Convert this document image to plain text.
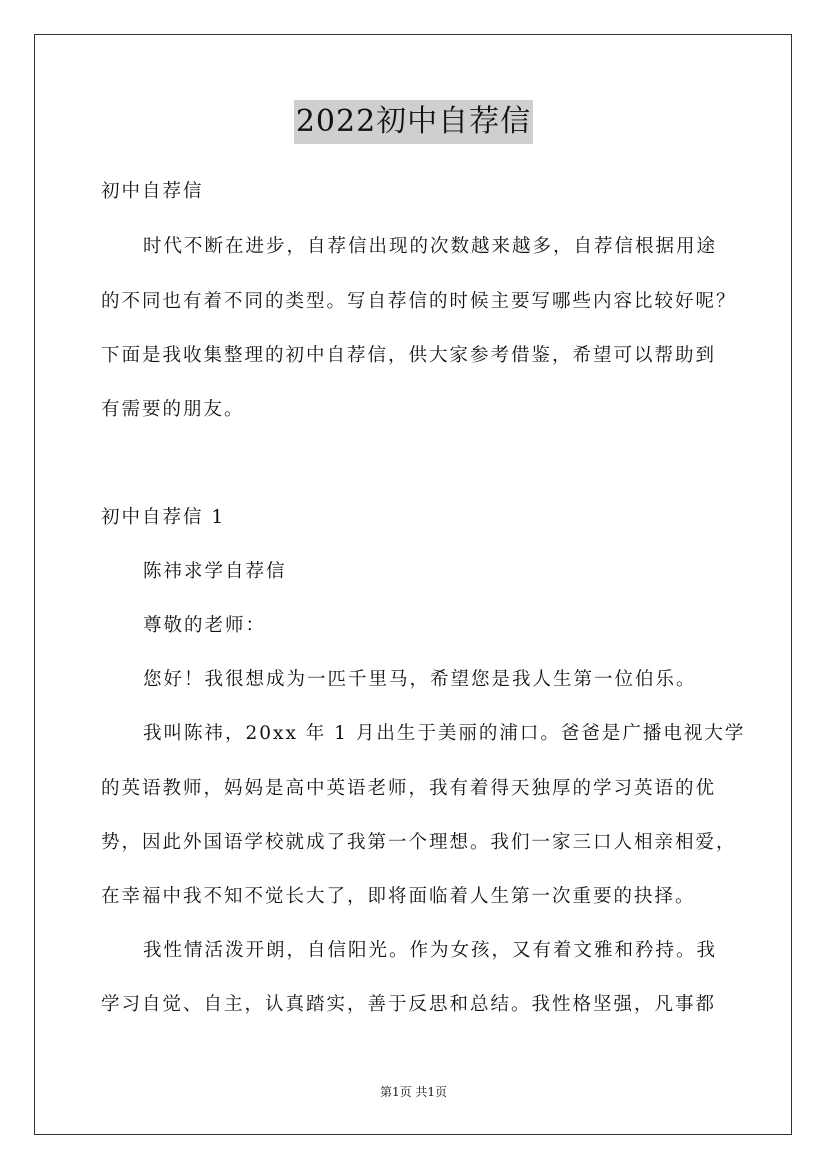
2022初中自荐信
初中自荐信
时代不断在进步，自荐信出现的次数越来越多，自荐信根据用途
的不同也有着不同的类型。写自荐信的时候主要写哪些内容比较好呢？
下面是我收集整理的初中自荐信，供大家参考借鉴，希望可以帮助到
有需要的朋友。
初中自荐信 1
陈祎求学自荐信
尊敬的老师：
您好！我很想成为一匹千里马，希望您是我人生第一位伯乐。
我叫陈祎，20xx 年 1 月出生于美丽的浦口。爸爸是广播电视大学
的英语教师，妈妈是高中英语老师，我有着得天独厚的学习英语的优
势，因此外国语学校就成了我第一个理想。我们一家三口人相亲相爱，
在幸福中我不知不觉长大了，即将面临着人生第一次重要的抉择。
我性情活泼开朗，自信阳光。作为女孩，又有着文雅和矜持。我
学习自觉、自主，认真踏实，善于反思和总结。我性格坚强，凡事都
第1页 共1页
